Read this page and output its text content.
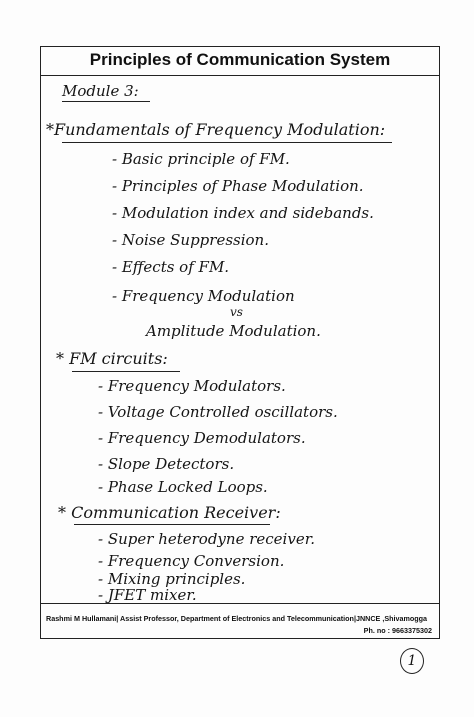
Principles of Communication System
Module 3:
*Fundamentals of Frequency Modulation:
- Basic principle of FM.
- Principles of Phase Modulation.
- Modulation index and sidebands.
- Noise Suppression.
- Effects of FM.
- Frequency Modulation
vs
Amplitude Modulation.
* FM circuits:
- Frequency Modulators.
- Voltage Controlled oscillators.
- Frequency Demodulators.
- Slope Detectors.
- Phase Locked Loops.
* Communication Receiver:
- Super heterodyne receiver.
- Frequency Conversion.
- Mixing principles.
- JFET mixer.
Rashmi M Hullamani| Assist Professor, Department of Electronics and Telecommunication|JNNCE ,Shivamogga
Ph. no : 9663375302
1
